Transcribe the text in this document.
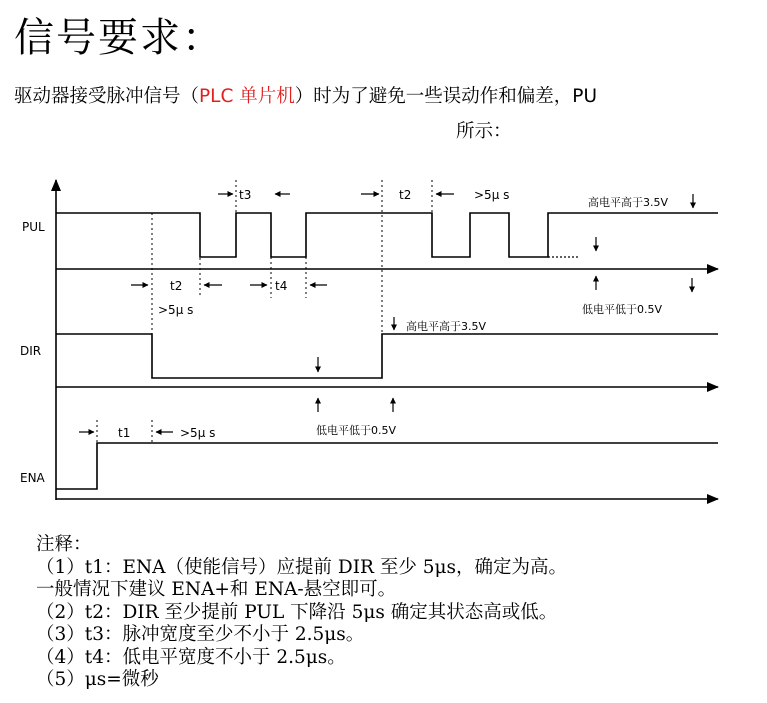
信号要求：
驱动器接受脉冲信号（PLC 单片机）时为了避免一些误动作和偏差，PU
所示：
PUL
DIR
ENA
t3	t2	>5μ s
高电平高于3.5V
低电平低于0.5V
t2
>5μ s
t4
高电平高于3.5V
低电平低于0.5V
t1	>5μ s
注释：
（1）t1：ENA（使能信号）应提前 DIR 至少 5μs，确定为高。
一般情况下建议 ENA+和 ENA-悬空即可。
（2）t2：DIR 至少提前 PUL 下降沿 5μs 确定其状态高或低。
（3）t3：脉冲宽度至少不小于 2.5μs。
（4）t4：低电平宽度不小于 2.5μs。
（5）μs=微秒
